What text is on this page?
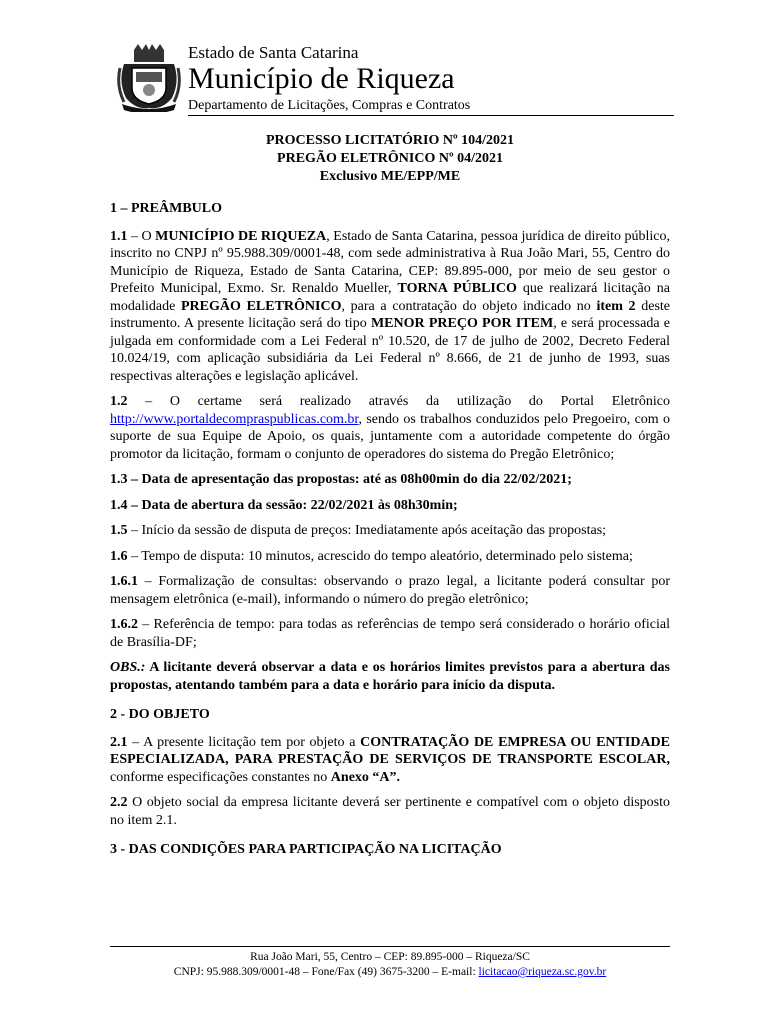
Estado de Santa Catarina
Município de Riqueza
Departamento de Licitações, Compras e Contratos
PROCESSO LICITATÓRIO Nº 104/2021
PREGÃO ELETRÔNICO Nº 04/2021
Exclusivo ME/EPP/ME

1 – PREÂMBULO

1.1 – O MUNICÍPIO DE RIQUEZA, Estado de Santa Catarina, pessoa jurídica de direito público, inscrito no CNPJ nº 95.988.309/0001-48, com sede administrativa à Rua João Mari, 55, Centro do Município de Riqueza, Estado de Santa Catarina, CEP: 89.895-000, por meio de seu gestor o Prefeito Municipal, Exmo. Sr. Renaldo Mueller, TORNA PÚBLICO que realizará licitação na modalidade PREGÃO ELETRÔNICO, para a contratação do objeto indicado no item 2 deste instrumento. A presente licitação será do tipo MENOR PREÇO POR ITEM, e será processada e julgada em conformidade com a Lei Federal nº 10.520, de 17 de julho de 2002, Decreto Federal 10.024/19, com aplicação subsidiária da Lei Federal nº 8.666, de 21 de junho de 1993, suas respectivas alterações e legislação aplicável.

1.2 – O certame será realizado através da utilização do Portal Eletrônico http://www.portaldecompraspublicas.com.br, sendo os trabalhos conduzidos pelo Pregoeiro, com o suporte de sua Equipe de Apoio, os quais, juntamente com a autoridade competente do órgão promotor da licitação, formam o conjunto de operadores do sistema do Pregão Eletrônico;

1.3 – Data de apresentação das propostas: até as 08h00min do dia 22/02/2021;

1.4 – Data de abertura da sessão: 22/02/2021 às 08h30min;

1.5 – Início da sessão de disputa de preços: Imediatamente após aceitação das propostas;

1.6 – Tempo de disputa: 10 minutos, acrescido do tempo aleatório, determinado pelo sistema;

1.6.1 – Formalização de consultas: observando o prazo legal, a licitante poderá consultar por mensagem eletrônica (e-mail), informando o número do pregão eletrônico;

1.6.2 – Referência de tempo: para todas as referências de tempo será considerado o horário oficial de Brasília-DF;

OBS.: A licitante deverá observar a data e os horários limites previstos para a abertura das propostas, atentando também para a data e horário para início da disputa.

2 - DO OBJETO

2.1 – A presente licitação tem por objeto a CONTRATAÇÃO DE EMPRESA OU ENTIDADE ESPECIALIZADA, PARA PRESTAÇÃO DE SERVIÇOS DE TRANSPORTE ESCOLAR, conforme especificações constantes no Anexo “A”.

2.2 O objeto social da empresa licitante deverá ser pertinente e compatível com o objeto disposto no item 2.1.

3 - DAS CONDIÇÕES PARA PARTICIPAÇÃO NA LICITAÇÃO

Rua João Mari, 55, Centro – CEP: 89.895-000 – Riqueza/SC
CNPJ: 95.988.309/0001-48 – Fone/Fax (49) 3675-3200 – E-mail: licitacao@riqueza.sc.gov.br
